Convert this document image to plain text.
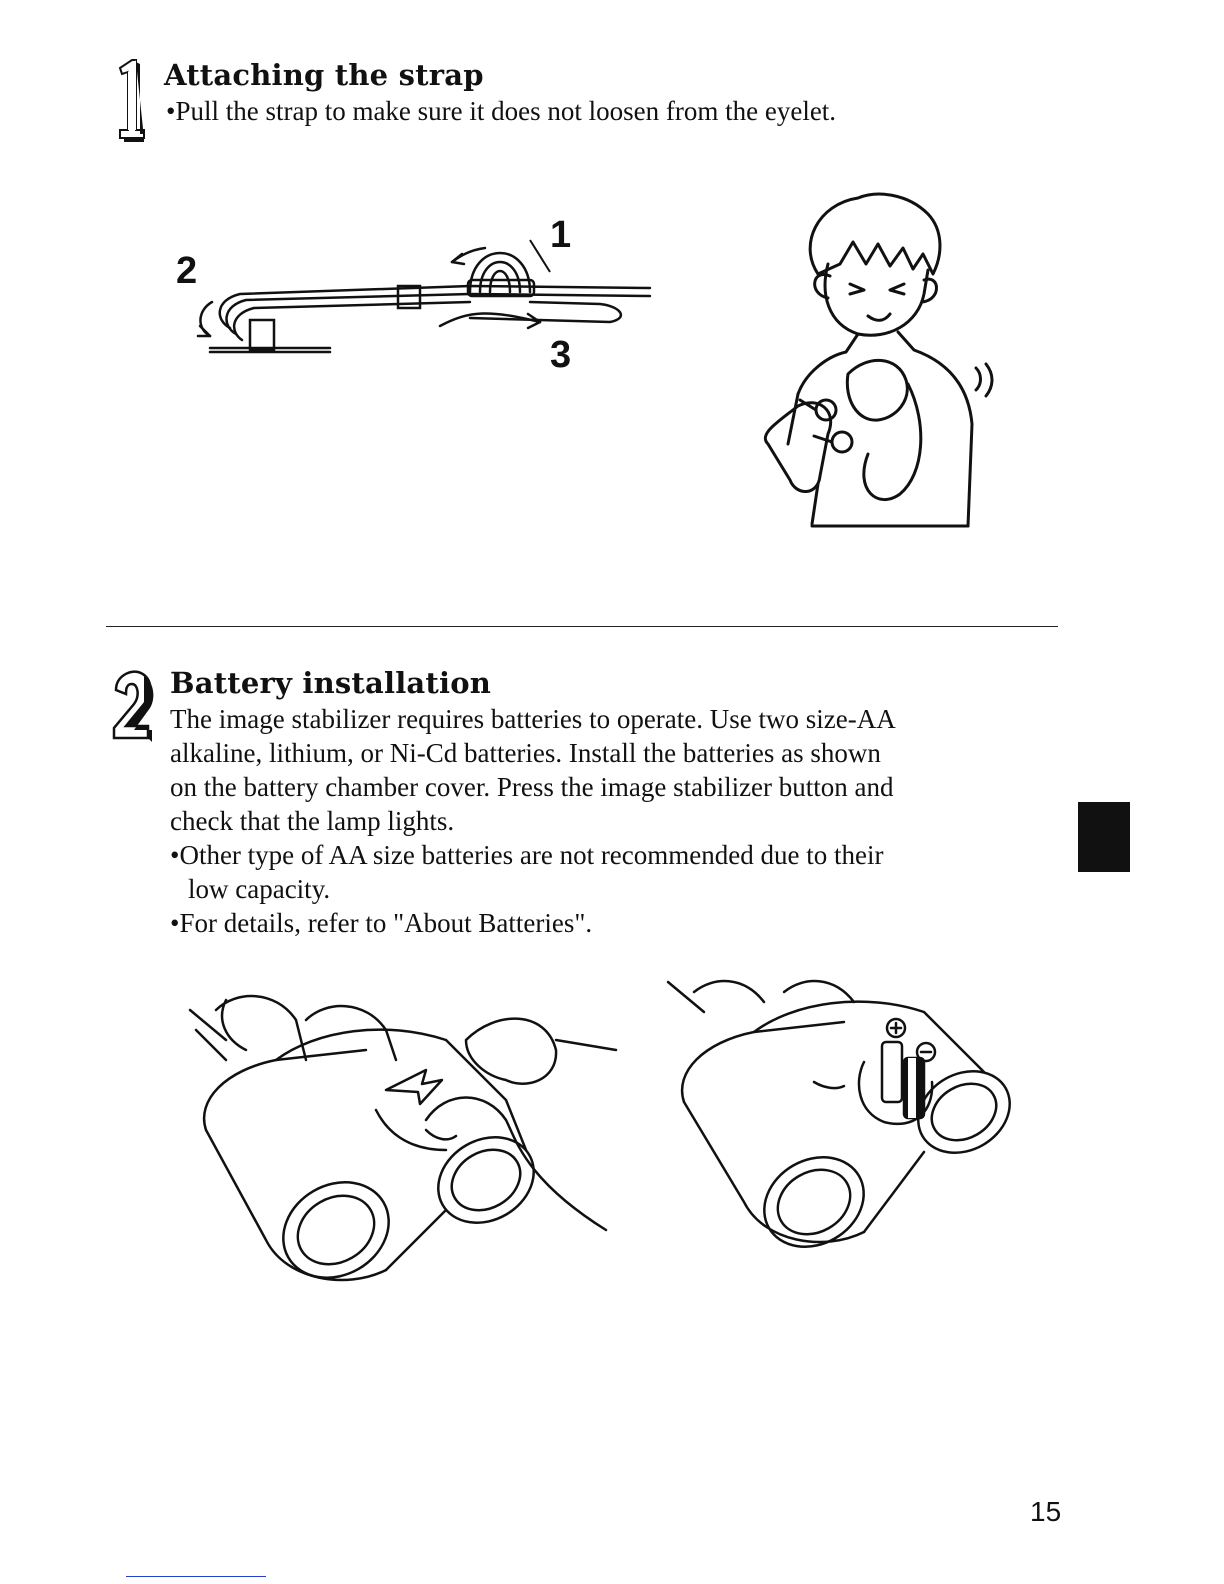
Attaching the strap
•Pull the strap to make sure it does not loosen from the eyelet.
1
2
3
Battery installation
The image stabilizer requires batteries to operate. Use two size-AA
alkaline, lithium, or Ni-Cd batteries. Install the batteries as shown
on the battery chamber cover. Press the image stabilizer button and
check that the lamp lights.
•Other type of AA size batteries are not recommended due to their
low capacity.
•For details, refer to "About Batteries".
15
